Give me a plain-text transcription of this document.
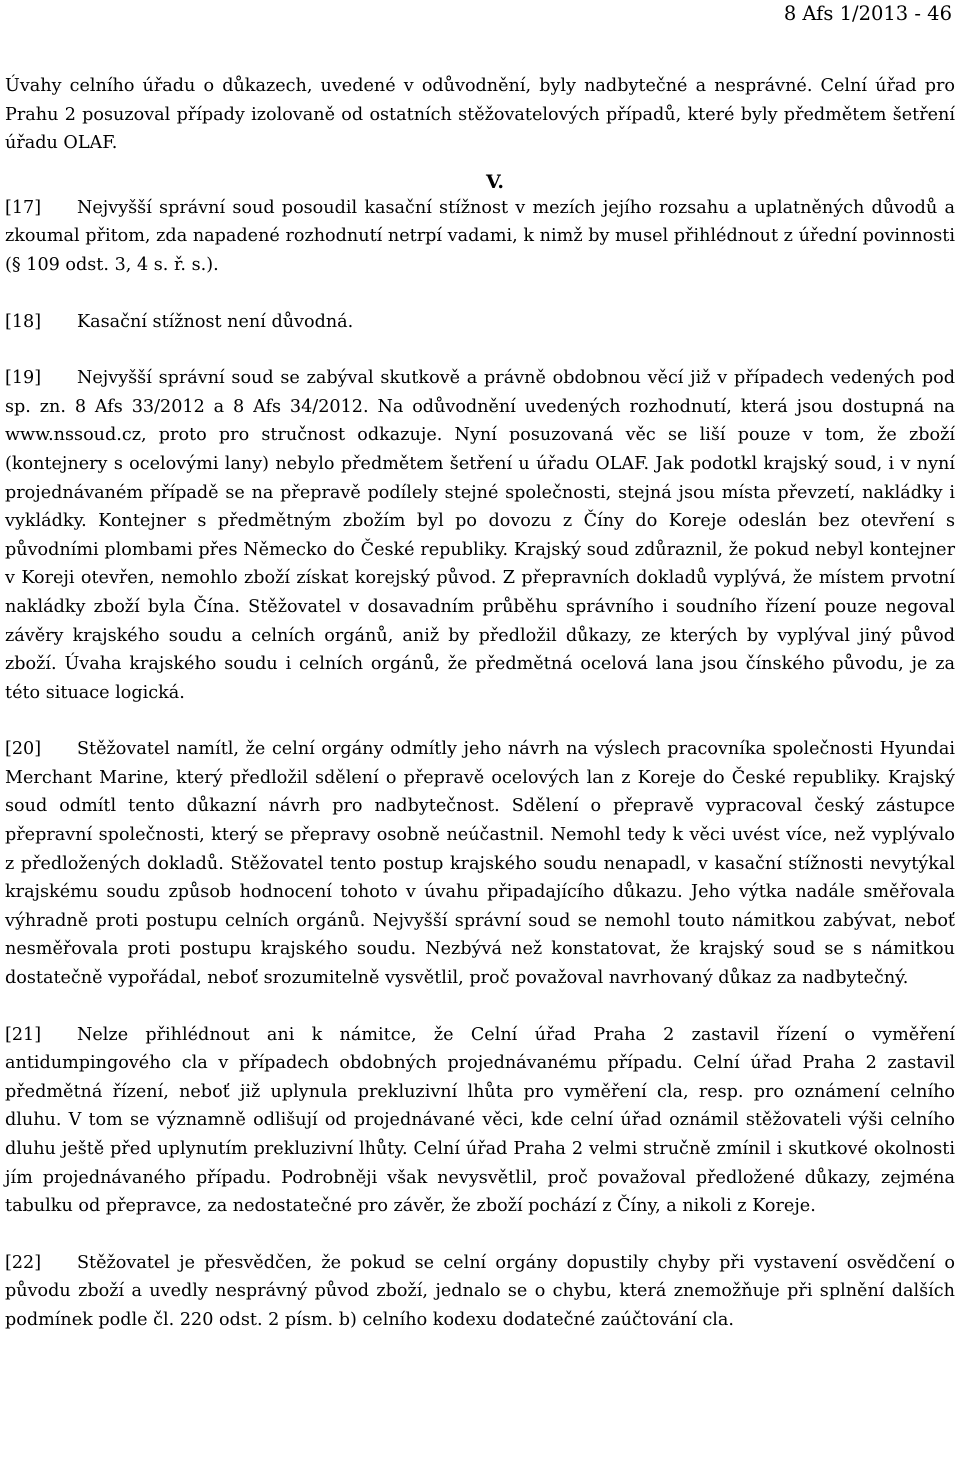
8 Afs 1/2013 - 46

Úvahy celního úřadu o důkazech, uvedené v odůvodnění, byly nadbytečné a nesprávné. Celní úřad pro Prahu 2 posuzoval případy izolovaně od ostatních stěžovatelových případů, které byly předmětem šetření úřadu OLAF.

V.

[17] Nejvyšší správní soud posoudil kasační stížnost v mezích jejího rozsahu a uplatněných důvodů a zkoumal přitom, zda napadené rozhodnutí netrpí vadami, k nimž by musel přihlédnout z úřední povinnosti (§ 109 odst. 3, 4 s. ř. s.).

[18] Kasační stížnost není důvodná.

[19] Nejvyšší správní soud se zabýval skutkově a právně obdobnou věcí již v případech vedených pod sp. zn. 8 Afs 33/2012 a 8 Afs 34/2012. Na odůvodnění uvedených rozhodnutí, která jsou dostupná na www.nssoud.cz, proto pro stručnost odkazuje. Nyní posuzovaná věc se liší pouze v tom, že zboží (kontejnery s ocelovými lany) nebylo předmětem šetření u úřadu OLAF. Jak podotkl krajský soud, i v nyní projednávaném případě se na přepravě podílely stejné společnosti, stejná jsou místa převzetí, nakládky i vykládky. Kontejner s předmětným zbožím byl po dovozu z Číny do Koreje odeslán bez otevření s původními plombami přes Německo do České republiky. Krajský soud zdůraznil, že pokud nebyl kontejner v Koreji otevřen, nemohlo zboží získat korejský původ. Z přepravních dokladů vyplývá, že místem prvotní nakládky zboží byla Čína. Stěžovatel v dosavadním průběhu správního i soudního řízení pouze negoval závěry krajského soudu a celních orgánů, aniž by předložil důkazy, ze kterých by vyplýval jiný původ zboží. Úvaha krajského soudu i celních orgánů, že předmětná ocelová lana jsou čínského původu, je za této situace logická.

[20] Stěžovatel namítl, že celní orgány odmítly jeho návrh na výslech pracovníka společnosti Hyundai Merchant Marine, který předložil sdělení o přepravě ocelových lan z Koreje do České republiky. Krajský soud odmítl tento důkazní návrh pro nadbytečnost. Sdělení o přepravě vypracoval český zástupce přepravní společnosti, který se přepravy osobně neúčastnil. Nemohl tedy k věci uvést více, než vyplývalo z předložených dokladů. Stěžovatel tento postup krajského soudu nenapadl, v kasační stížnosti nevytýkal krajskému soudu způsob hodnocení tohoto v úvahu připadajícího důkazu. Jeho výtka nadále směřovala výhradně proti postupu celních orgánů. Nejvyšší správní soud se nemohl touto námitkou zabývat, neboť nesměřovala proti postupu krajského soudu. Nezbývá než konstatovat, že krajský soud se s námitkou dostatečně vypořádal, neboť srozumitelně vysvětlil, proč považoval navrhovaný důkaz za nadbytečný.

[21] Nelze přihlédnout ani k námitce, že Celní úřad Praha 2 zastavil řízení o vyměření antidumpingového cla v případech obdobných projednávanému případu. Celní úřad Praha 2 zastavil předmětná řízení, neboť již uplynula prekluzivní lhůta pro vyměření cla, resp. pro oznámení celního dluhu. V tom se významně odlišují od projednávané věci, kde celní úřad oznámil stěžovateli výši celního dluhu ještě před uplynutím prekluzivní lhůty. Celní úřad Praha 2 velmi stručně zmínil i skutkové okolnosti jím projednávaného případu. Podrobněji však nevysvětlil, proč považoval předložené důkazy, zejména tabulku od přepravce, za nedostatečné pro závěr, že zboží pochází z Číny, a nikoli z Koreje.

[22] Stěžovatel je přesvědčen, že pokud se celní orgány dopustily chyby při vystavení osvědčení o původu zboží a uvedly nesprávný původ zboží, jednalo se o chybu, která znemožňuje při splnění dalších podmínek podle čl. 220 odst. 2 písm. b) celního kodexu dodatečné zaúčtování cla.
